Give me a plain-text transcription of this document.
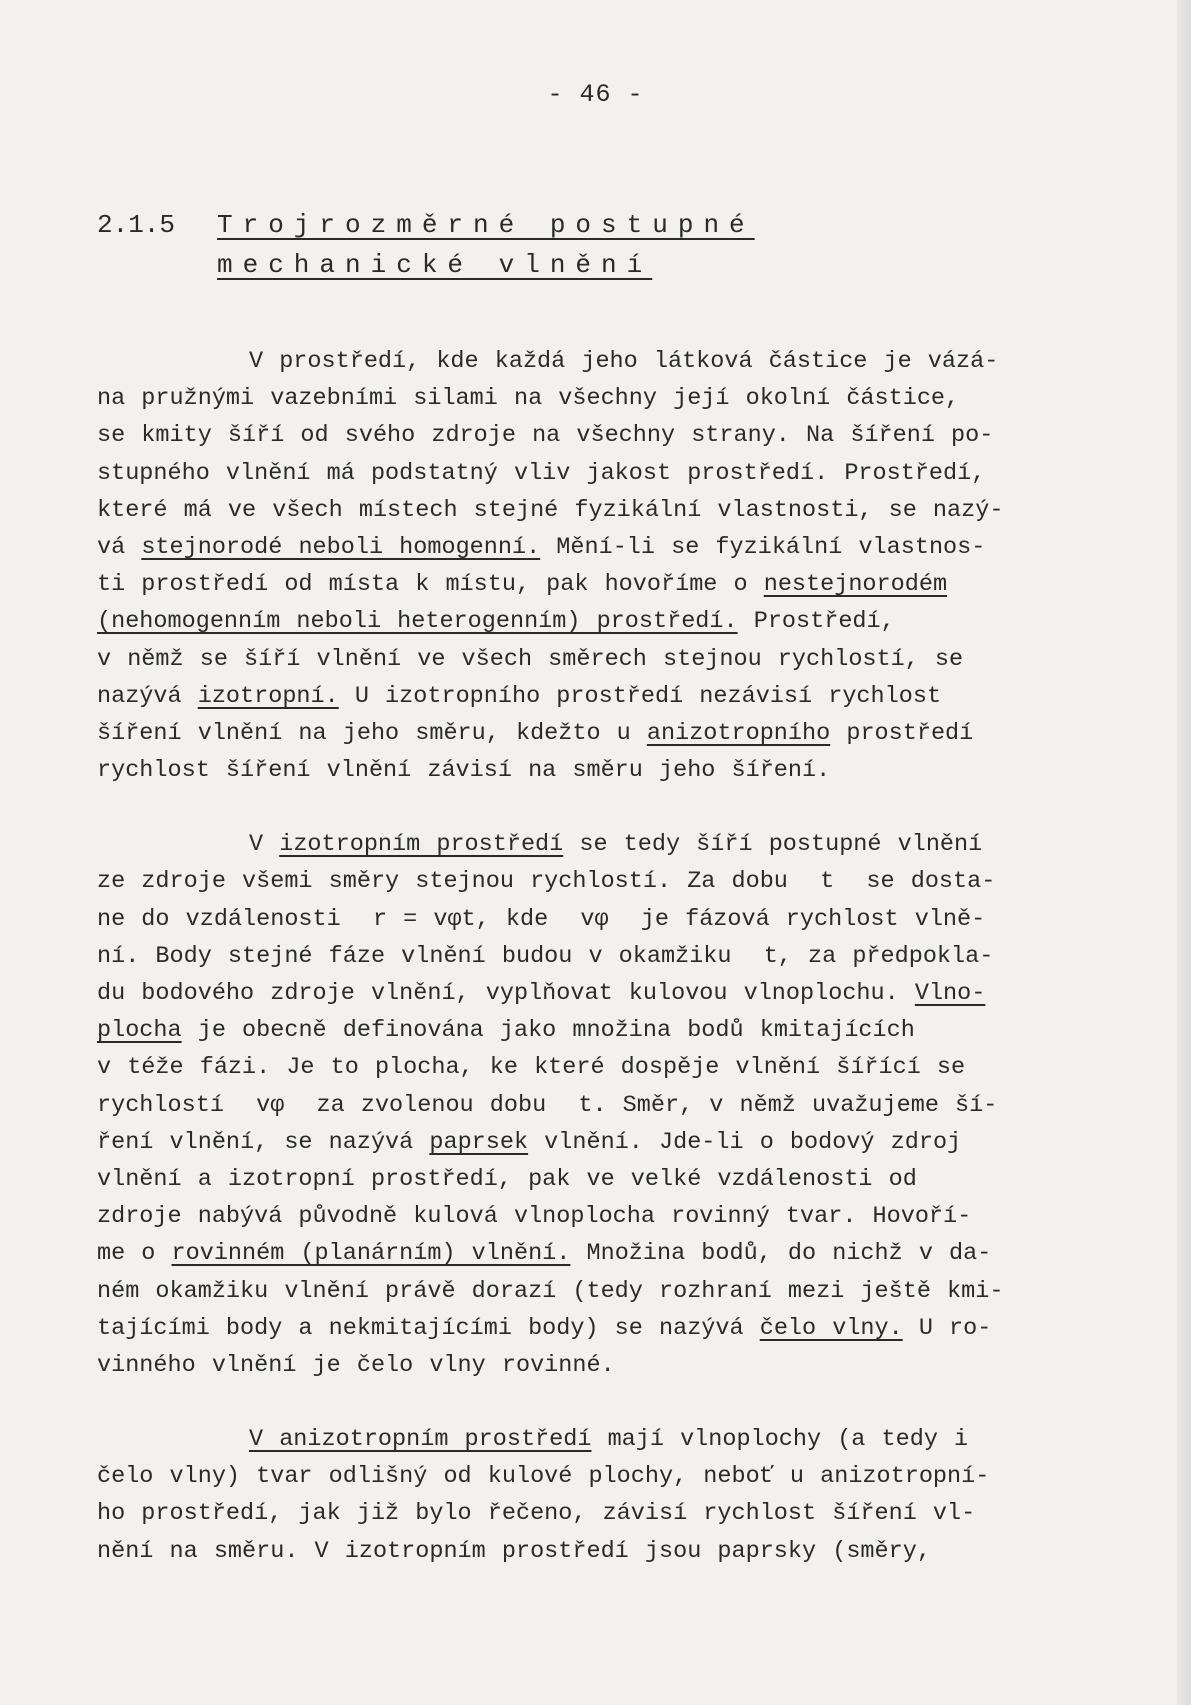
- 46 -
2.1.5 Trojrozměrné postupné
mechanické vlnění
V prostředí, kde každá jeho látková částice je vázá-
na pružnými vazebními silami na všechny její okolní částice,
se kmity šíří od svého zdroje na všechny strany. Na šíření po-
stupného vlnění má podstatný vliv jakost prostředí. Prostředí,
které má ve všech místech stejné fyzikální vlastnosti, se nazý-
vá stejnorodé neboli homogenní. Mění-li se fyzikální vlastnos-
ti prostředí od místa k místu, pak hovoříme o nestejnorodém
(nehomogenním neboli heterogenním) prostředí. Prostředí,
v němž se šíří vlnění ve všech směrech stejnou rychlostí, se
nazývá izotropní. U izotropního prostředí nezávisí rychlost
šíření vlnění na jeho směru, kdežto u anizotropního prostředí
rychlost šíření vlnění závisí na směru jeho šíření.
V izotropním prostředí se tedy šíří postupné vlnění
ze zdroje všemi směry stejnou rychlostí. Za dobu  t  se dosta-
ne do vzdálenosti  r = vφt, kde  vφ  je fázová rychlost vlně-
ní. Body stejné fáze vlnění budou v okamžiku  t, za předpokla-
du bodového zdroje vlnění, vyplňovat kulovou vlnoplochu. Vlno-
plocha je obecně definována jako množina bodů kmitajících
v téže fázi. Je to plocha, ke které dospěje vlnění šířící se
rychlostí  vφ  za zvolenou dobu  t. Směr, v němž uvažujeme ší-
ření vlnění, se nazývá paprsek vlnění. Jde-li o bodový zdroj
vlnění a izotropní prostředí, pak ve velké vzdálenosti od
zdroje nabývá původně kulová vlnoplocha rovinný tvar. Hovoří-
me o rovinném (planárním) vlnění. Množina bodů, do nichž v da-
ném okamžiku vlnění právě dorazí (tedy rozhraní mezi ještě kmi-
tajícími body a nekmitajícími body) se nazývá čelo vlny. U ro-
vinného vlnění je čelo vlny rovinné.
V anizotropním prostředí mají vlnoplochy (a tedy i
čelo vlny) tvar odlišný od kulové plochy, neboť u anizotropní-
ho prostředí, jak již bylo řečeno, závisí rychlost šíření vl-
nění na směru. V izotropním prostředí jsou paprsky (směry,
